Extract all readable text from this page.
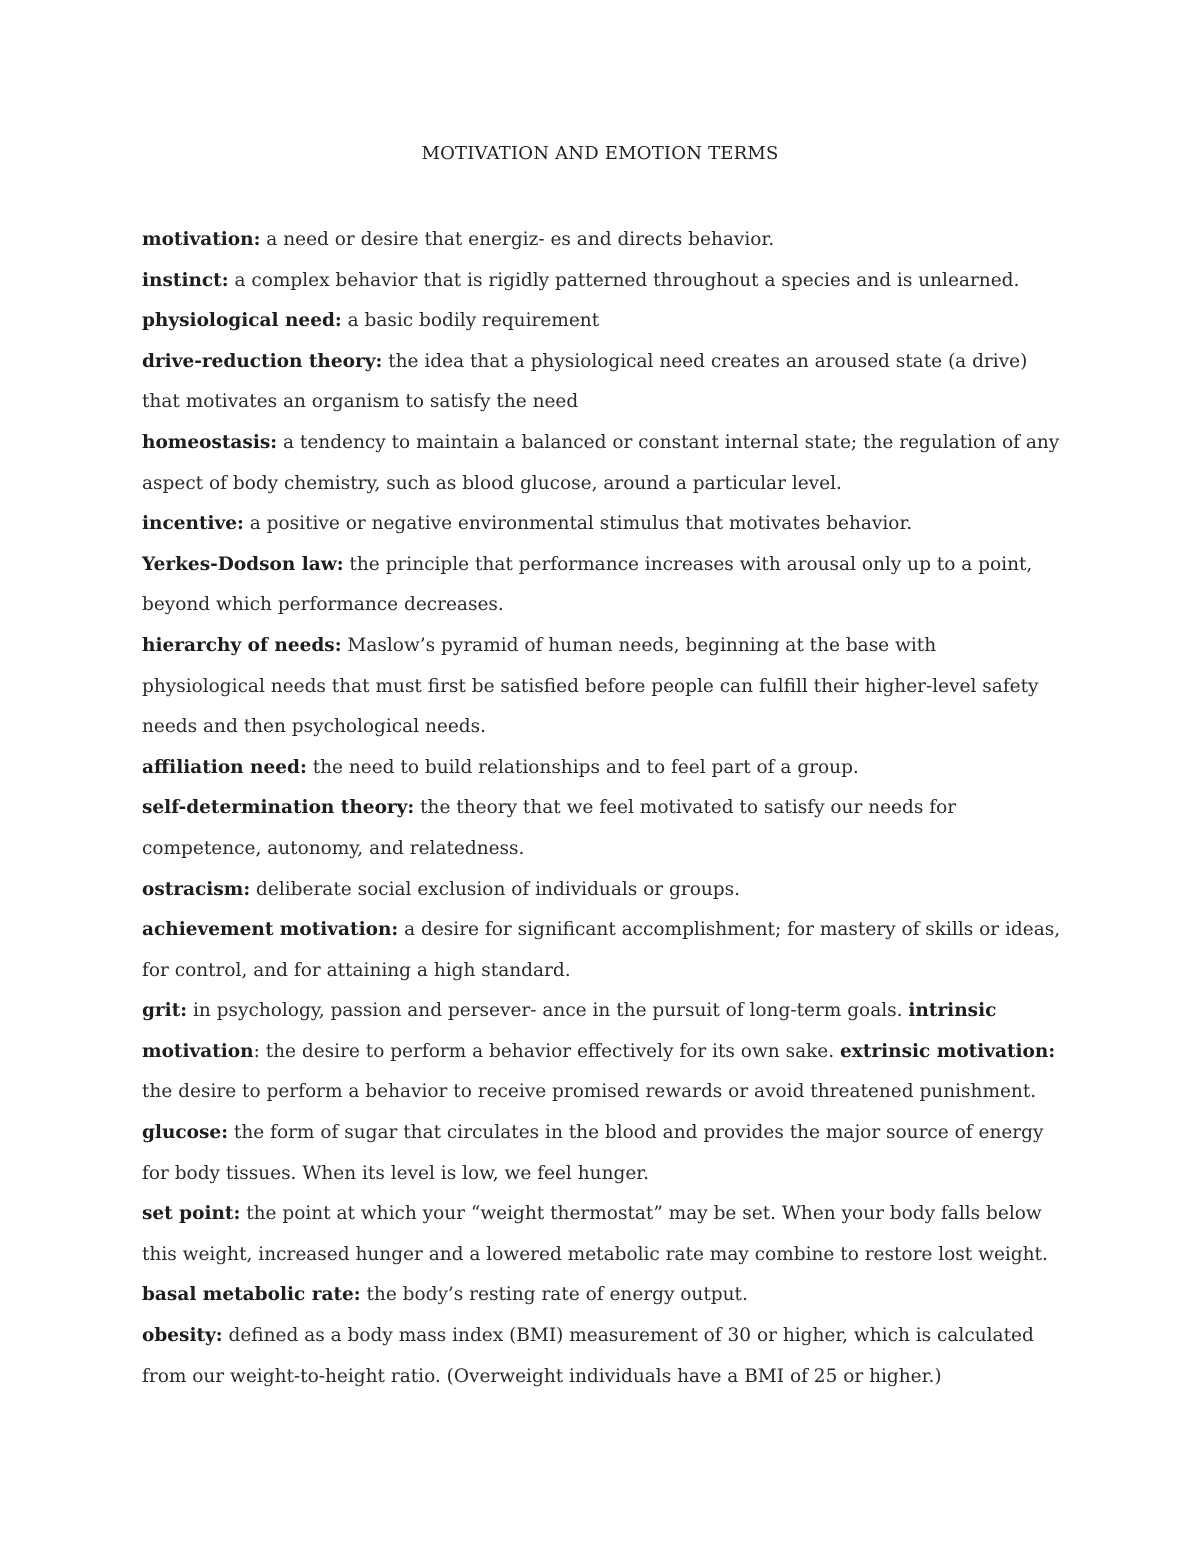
MOTIVATION AND EMOTION TERMS

motivation: a need or desire that energiz- es and directs behavior.

instinct: a complex behavior that is rigidly patterned throughout a species and is unlearned.

physiological need: a basic bodily requirement

drive-reduction theory: the idea that a physiological need creates an aroused state (a drive) that motivates an organism to satisfy the need

homeostasis: a tendency to maintain a balanced or constant internal state; the regulation of any aspect of body chemistry, such as blood glucose, around a particular level.

incentive: a positive or negative environmental stimulus that motivates behavior.

Yerkes-Dodson law: the principle that performance increases with arousal only up to a point, beyond which performance decreases.

hierarchy of needs: Maslow’s pyramid of human needs, beginning at the base with physiological needs that must first be satisfied before people can fulfill their higher-level safety needs and then psychological needs.

affiliation need: the need to build relationships and to feel part of a group.

self-determination theory: the theory that we feel motivated to satisfy our needs for competence, autonomy, and relatedness.

ostracism: deliberate social exclusion of individuals or groups.

achievement motivation: a desire for significant accomplishment; for mastery of skills or ideas, for control, and for attaining a high standard.

grit: in psychology, passion and persever- ance in the pursuit of long-term goals. intrinsic motivation: the desire to perform a behavior effectively for its own sake. extrinsic motivation: the desire to perform a behavior to receive promised rewards or avoid threatened punishment.

glucose: the form of sugar that circulates in the blood and provides the major source of energy for body tissues. When its level is low, we feel hunger.

set point: the point at which your “weight thermostat” may be set. When your body falls below this weight, increased hunger and a lowered metabolic rate may combine to restore lost weight.

basal metabolic rate: the body’s resting rate of energy output.

obesity: defined as a body mass index (BMI) measurement of 30 or higher, which is calculated from our weight-to-height ratio. (Overweight individuals have a BMI of 25 or higher.)
